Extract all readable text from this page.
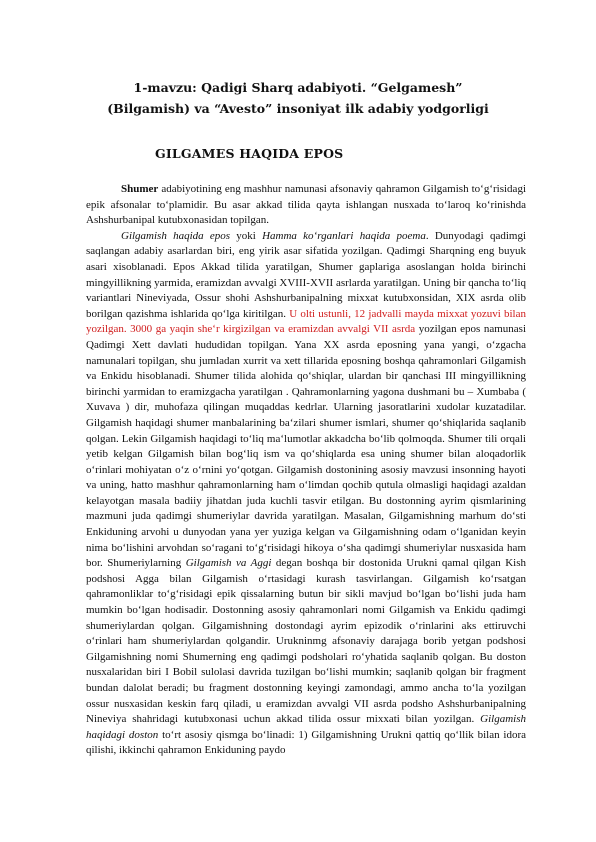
1-mavzu: Qadigi Sharq adabiyoti. “Gelgamesh”
(Bilgamish) va “Avesto” insoniyat ilk adabiy yodgorligi
GILGAMES HAQIDA EPOS

Shumer adabiyotining eng mashhur namunasi afsonaviy qahramon Gilgamish to‘g‘risidagi epik afsonalar to‘plamidir. Bu asar akkad tilida qayta ishlangan nusxada to‘laroq ko‘rinishda Ashshurbanipal kutubxonasidan topilgan.

Gilgamish haqida epos yoki Hamma ko‘rganlari haqida poema. Dunyodagi qadimgi saqlangan adabiy asarlardan biri, eng yirik asar sifatida yozilgan. Qadimgi Sharqning eng buyuk asari xisoblanadi. Epos Akkad tilida yaratilgan, Shumer gaplariga asoslangan holda birinchi mingyillikning yarmida, eramizdan avvalgi XVIII-XVII asrlarda yaratilgan. Uning bir qancha to‘liq variantlari Nineviyada, Ossur shohi Ashshurbanipalning mixxat kutubxonsidan, XIX asrda olib borilgan qazishma ishlarida qo‘lga kiritilgan. U olti ustunli, 12 jadvalli mayda mixxat yozuvi bilan yozilgan. 3000 ga yaqin she‘r kirgizilgan va eramizdan avvalgi VII asrda yozilgan epos namunasi Qadimgi Xett davlati hududidan topilgan. Yana XX asrda eposning yana yangi, o‘zgacha namunalari topilgan, shu jumladan xurrit va xett tillarida eposning boshqa qahramonlari Gilgamish va Enkidu hisoblanadi. Shumer tilida alohida qo‘shiqlar, ulardan bir qanchasi III mingyillikning birinchi yarmidan to eramizgacha yaratilgan . Qahramonlarning yagona dushmani bu – Xumbaba ( Xuvava ) dir, muhofaza qilingan muqaddas kedrlar. Ularning jasoratlarini xudolar kuzatadilar. Gilgamish haqidagi shumer manbalarining ba‘zilari shumer ismlari, shumer qo‘shiqlarida saqlanib qolgan. Lekin Gilgamish haqidagi to‘liq ma‘lumotlar akkadcha bo‘lib qolmoqda. Shumer tili orqali yetib kelgan Gilgamish bilan bog‘liq ism va qo‘shiqlarda esa uning shumer bilan aloqadorlik o‘rinlari mohiyatan o‘z o‘rnini yo‘qotgan. Gilgamish dostonining asosiy mavzusi insonning hayoti va uning, hatto mashhur qahramonlarning ham o‘limdan qochib qutula olmasligi haqidagi azaldan kelayotgan masala badiiy jihatdan juda kuchli tasvir etilgan. Bu dostonning ayrim qismlarining mazmuni juda qadimgi shumeriylar davrida yaratilgan. Masalan, Gilgamishning marhum do‘sti Enkiduning arvohi u dunyodan yana yer yuziga kelgan va Gilgamishning odam o‘lganidan keyin nima bo‘lishini arvohdan so‘ragani to‘g‘risidagi hikoya o‘sha qadimgi shumeriylar nusxasida ham bor. Shumeriylarning Gilgamish va Aggi degan boshqa bir dostonida Urukni qamal qilgan Kish podshosi Agga bilan Gilgamish o‘rtasidagi kurash tasvirlangan. Gilgamish ko‘rsatgan qahramonliklar to‘g‘risidagi epik qissalarning butun bir sikli mavjud bo‘lgan bo‘lishi juda ham mumkin bo‘lgan hodisadir. Dostonning asosiy qahramonlari nomi Gilgamish va Enkidu qadimgi shumeriylardan qolgan. Gilgamishning dostondagi ayrim epizodik o‘rinlarini aks ettiruvchi o‘rinlari ham shumeriylardan qolgandir. Urukninmg afsonaviy darajaga borib yetgan podshosi Gilgamishning nomi Shumerning eng qadimgi podsholari ro‘yhatida saqlanib qolgan. Bu doston nusxalaridan biri I Bobil sulolasi davrida tuzilgan bo‘lishi mumkin; saqlanib qolgan bir fragment bundan dalolat beradi; bu fragment dostonning keyingi zamondagi, ammo ancha to‘la yozilgan ossur nusxasidan keskin farq qiladi, u eramizdan avvalgi VII asrda podsho Ashshurbanipalning Nineviya shahridagi kutubxonasi uchun akkad tilida ossur mixxati bilan yozilgan. Gilgamish haqidagi doston to‘rt asosiy qismga bo‘linadi: 1) Gilgamishning Urukni qattiq qo‘llik bilan idora qilishi, ikkinchi qahramon Enkiduning paydo
